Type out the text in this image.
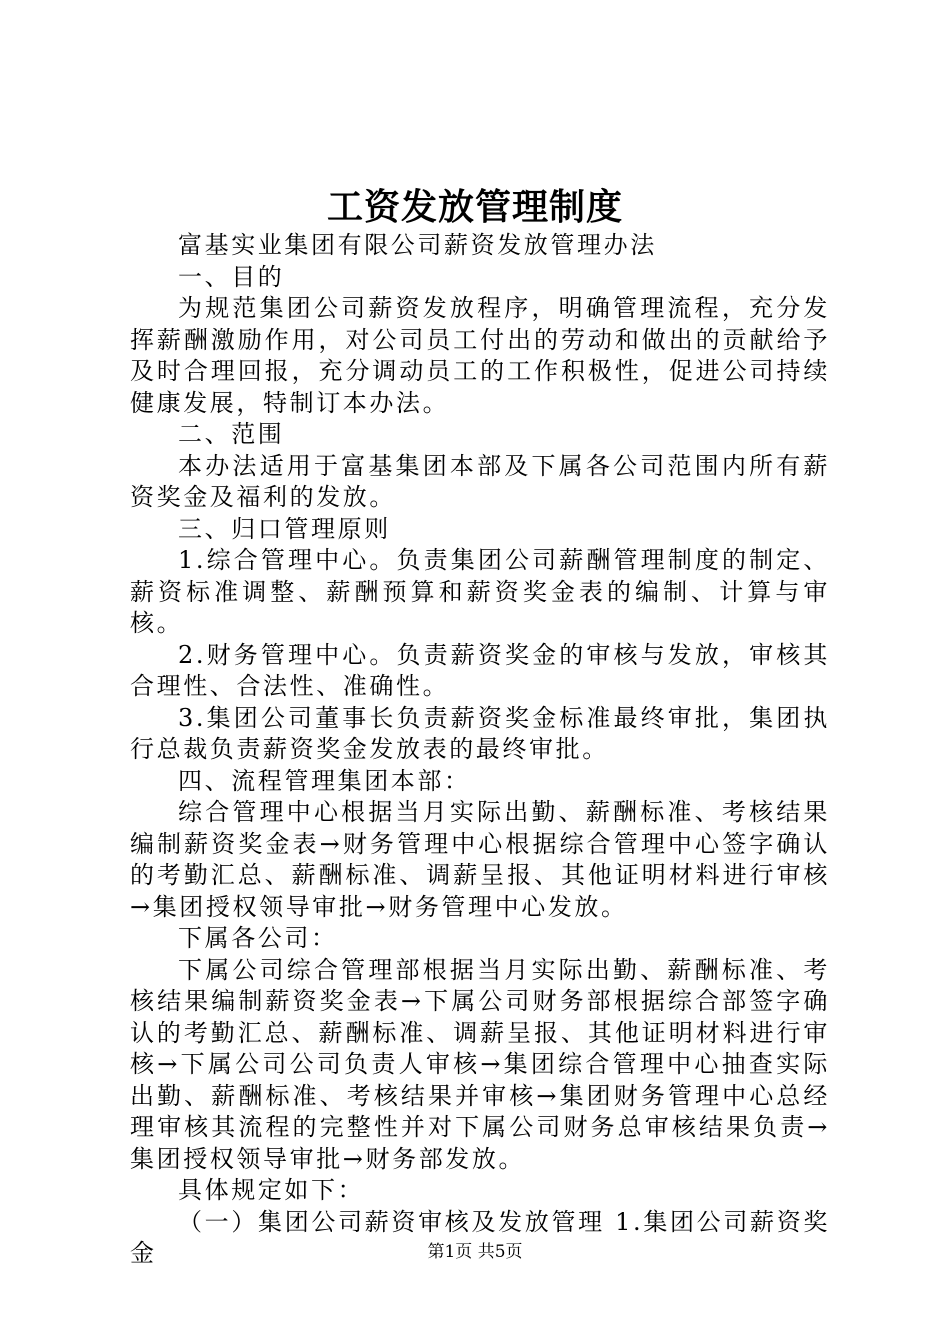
工资发放管理制度

富基实业集团有限公司薪资发放管理办法

一、目的

为规范集团公司薪资发放程序，明确管理流程，充分发挥薪酬激励作用，对公司员工付出的劳动和做出的贡献给予及时合理回报，充分调动员工的工作积极性，促进公司持续健康发展，特制订本办法。

二、范围

本办法适用于富基集团本部及下属各公司范围内所有薪资奖金及福利的发放。

三、归口管理原则

1.综合管理中心。负责集团公司薪酬管理制度的制定、薪资标准调整、薪酬预算和薪资奖金表的编制、计算与审核。

2.财务管理中心。负责薪资奖金的审核与发放，审核其合理性、合法性、准确性。

3.集团公司董事长负责薪资奖金标准最终审批，集团执行总裁负责薪资奖金发放表的最终审批。

四、流程管理集团本部：

综合管理中心根据当月实际出勤、薪酬标准、考核结果编制薪资奖金表→财务管理中心根据综合管理中心签字确认的考勤汇总、薪酬标准、调薪呈报、其他证明材料进行审核→集团授权领导审批→财务管理中心发放。

下属各公司：

下属公司综合管理部根据当月实际出勤、薪酬标准、考核结果编制薪资奖金表→下属公司财务部根据综合部签字确认的考勤汇总、薪酬标准、调薪呈报、其他证明材料进行审核→下属公司公司负责人审核→集团综合管理中心抽查实际出勤、薪酬标准、考核结果并审核→集团财务管理中心总经理审核其流程的完整性并对下属公司财务总审核结果负责→集团授权领导审批→财务部发放。

具体规定如下：

（一）集团公司薪资审核及发放管理 1.集团公司薪资奖金	第1页 共5页
